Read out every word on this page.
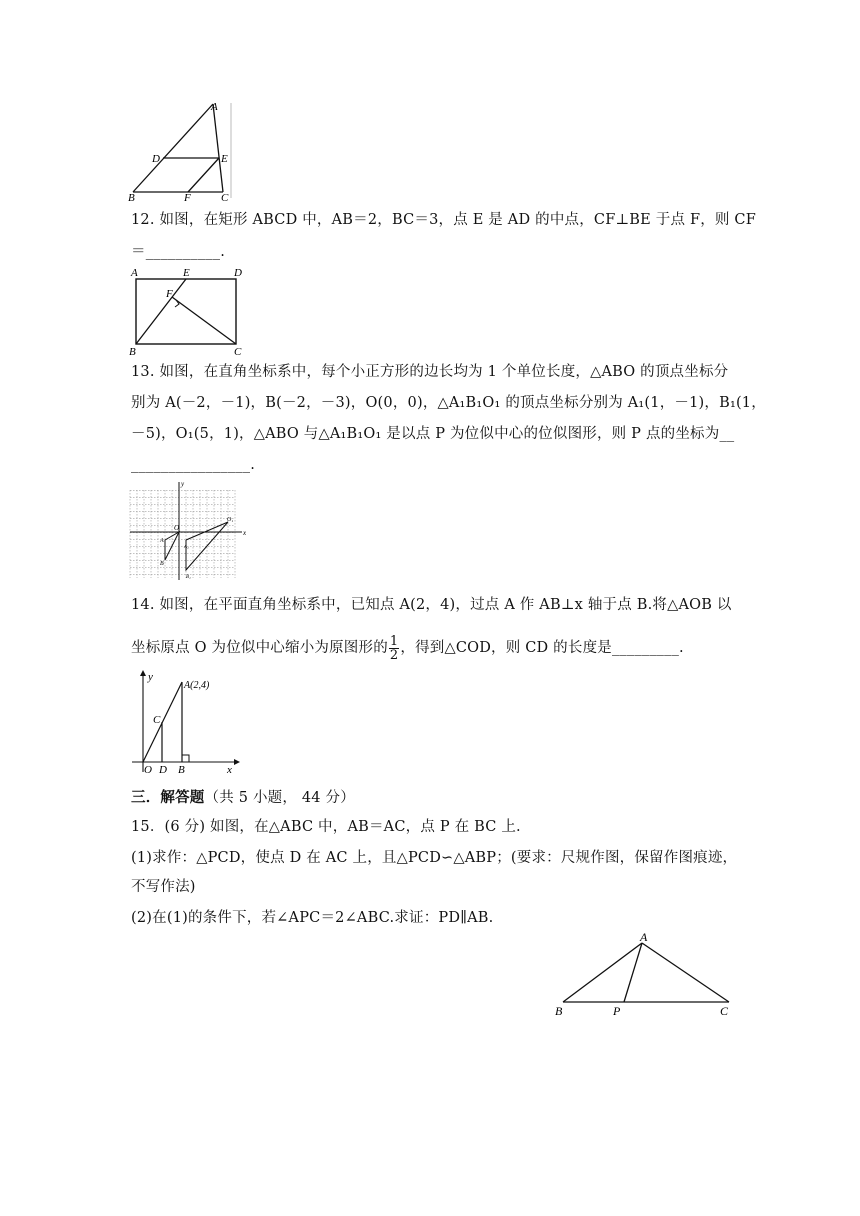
A
D	E
B	F	C
12. 如图，在矩形 ABCD 中，AB＝2，BC＝3，点 E 是 AD 的中点，CF⊥BE 于点 F，则 CF
＝__________.
A	E	D
F
B	C
13. 如图，在直角坐标系中，每个小正方形的边长均为 1 个单位长度，△ABO 的顶点坐标分
别为 A(－2，－1)，B(－2，－3)，O(0，0)，△A₁B₁O₁ 的顶点坐标分别为 A₁(1，－1)，B₁(1，
－5)，O₁(5，1)，△ABO 与△A₁B₁O₁ 是以点 P 为位似中心的位似图形，则 P 点的坐标为__
________________.
y
x
O
O₁
A
A₁
B
B₁
14. 如图，在平面直角坐标系中，已知点 A(2，4)，过点 A 作 AB⊥x 轴于点 B.将△AOB 以
坐标原点 O 为位似中心缩小为原图形的 $\frac{1}{2}$ ，得到△COD，则 CD 的长度是_________.
y
A(2,4)
C
O D B	x
三．解答题（共 5 小题， 44 分）
15．(6 分) 如图，在△ABC 中，AB＝AC，点 P 在 BC 上.
(1)求作：△PCD，使点 D 在 AC 上，且△PCD∽△ABP；(要求：尺规作图，保留作图痕迹，
不写作法)
(2)在(1)的条件下，若∠APC＝2∠ABC.求证：PD∥AB.
A
B	P	C
